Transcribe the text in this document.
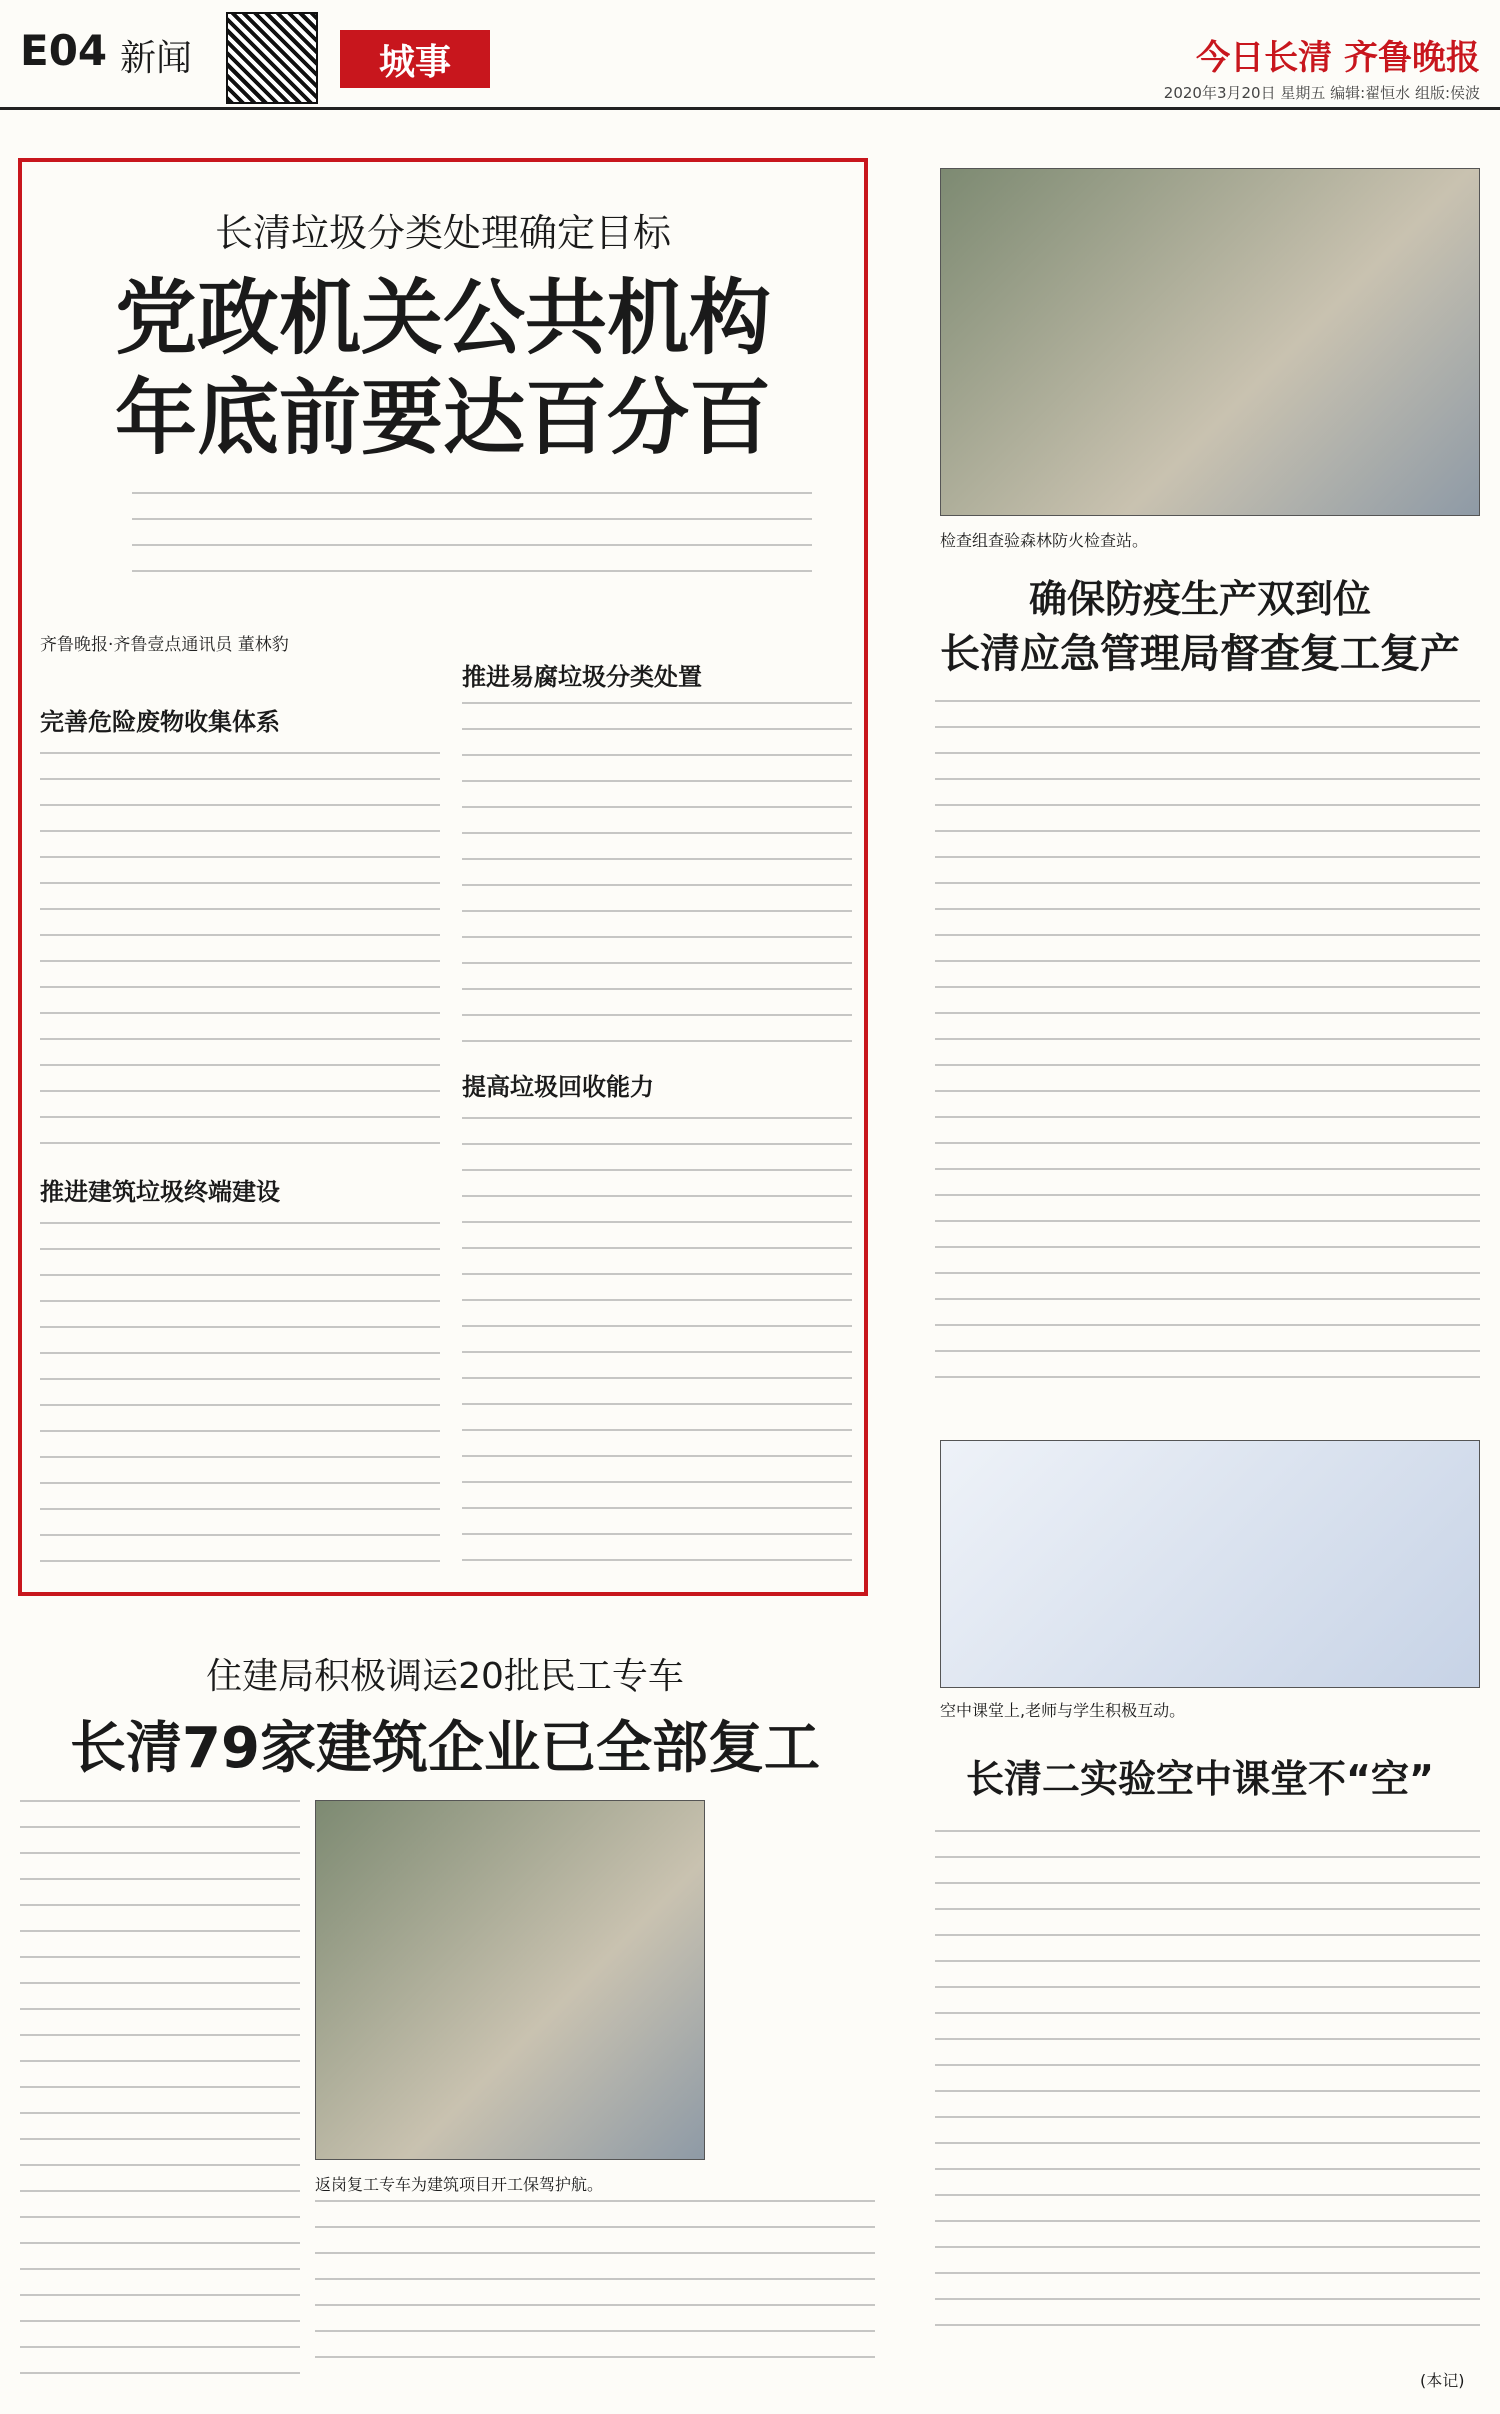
E04 新闻	城事	今日长清 齐鲁晚报
2020年3月20日 星期五 编辑:翟恒水 组版:侯波
长清垃圾分类处理确定目标
党政机关公共机构
年底前要达百分百
齐鲁晚报·齐鲁壹点通讯员 董林豹
完善危险废物收集体系
推进建筑垃圾终端建设
推进易腐垃圾分类处置
提高垃圾回收能力
检查组查验森林防火检查站。
确保防疫生产双到位
长清应急管理局督查复工复产
空中课堂上,老师与学生积极互动。
长清二实验空中课堂不“空”
(本记)
住建局积极调运20批民工专车
长清79家建筑企业已全部复工
返岗复工专车为建筑项目开工保驾护航。
